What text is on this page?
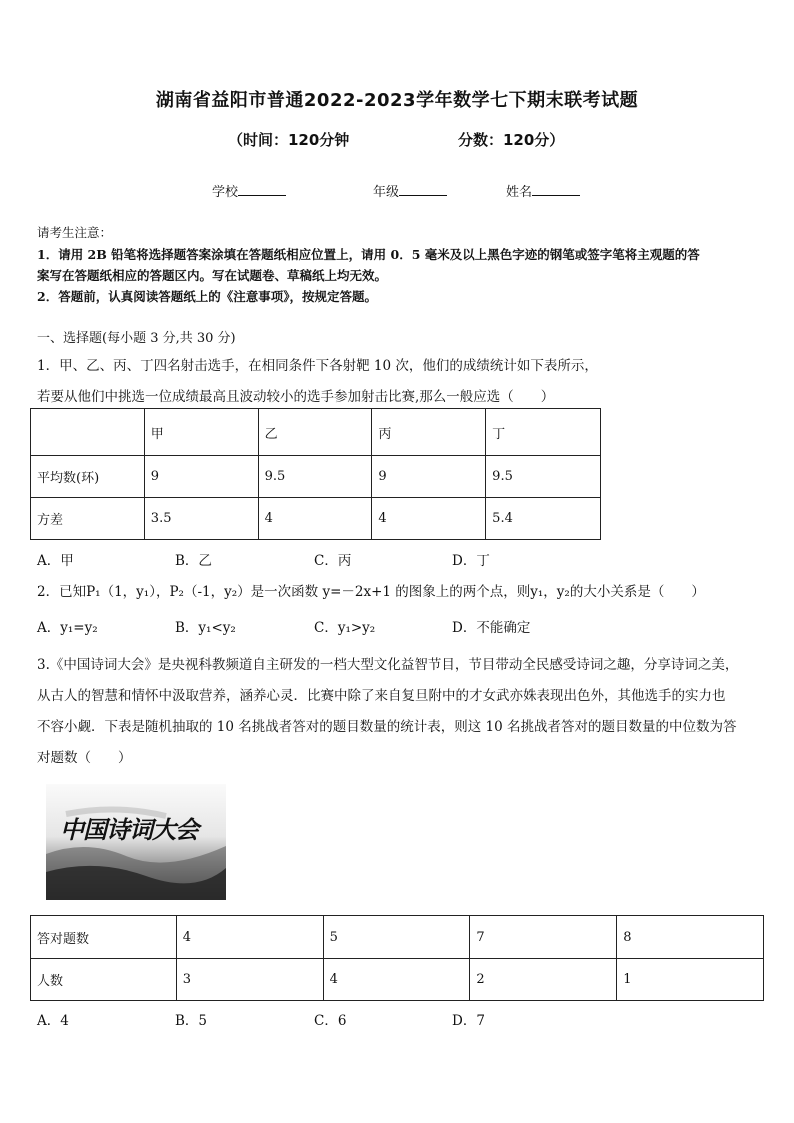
湖南省益阳市普通2022-2023学年数学七下期末联考试题
（时间：120分钟	分数：120分）
学校	年级	姓名
请考生注意：
1．请用 2B 铅笔将选择题答案涂填在答题纸相应位置上，请用 0．5 毫米及以上黑色字迹的钢笔或签字笔将主观题的答
案写在答题纸相应的答题区内。写在试题卷、草稿纸上均无效。
2．答题前，认真阅读答题纸上的《注意事项》，按规定答题。
一、选择题(每小题 3 分,共 30 分)
1．甲、乙、丙、丁四名射击选手，在相同条件下各射靶 10 次，他们的成绩统计如下表所示，
若要从他们中挑选一位成绩最高且波动较小的选手参加射击比赛,那么一般应选（　　）
	甲	乙	丙	丁
平均数(环)	9	9.5	9	9.5
方差	3.5	4	4	5.4
A．甲	B．乙	C．丙	D．丁
2．已知P₁（1，y₁），P₂（-1，y₂）是一次函数 y=－2x+1 的图象上的两个点，则y₁，y₂的大小关系是（　　）
A．y₁=y₂	B．y₁<y₂	C．y₁>y₂	D．不能确定
3.《中国诗词大会》是央视科教频道自主研发的一档大型文化益智节目，节目带动全民感受诗词之趣，分享诗词之美，
从古人的智慧和情怀中汲取营养，涵养心灵．比赛中除了来自复旦附中的才女武亦姝表现出色外，其他选手的实力也
不容小觑．下表是随机抽取的 10 名挑战者答对的题目数量的统计表，则这 10 名挑战者答对的题目数量的中位数为答
对题数（　　）
中国诗词大会
答对题数	4	5	7	8
人数	3	4	2	1
A．4	B．5	C．6	D．7
